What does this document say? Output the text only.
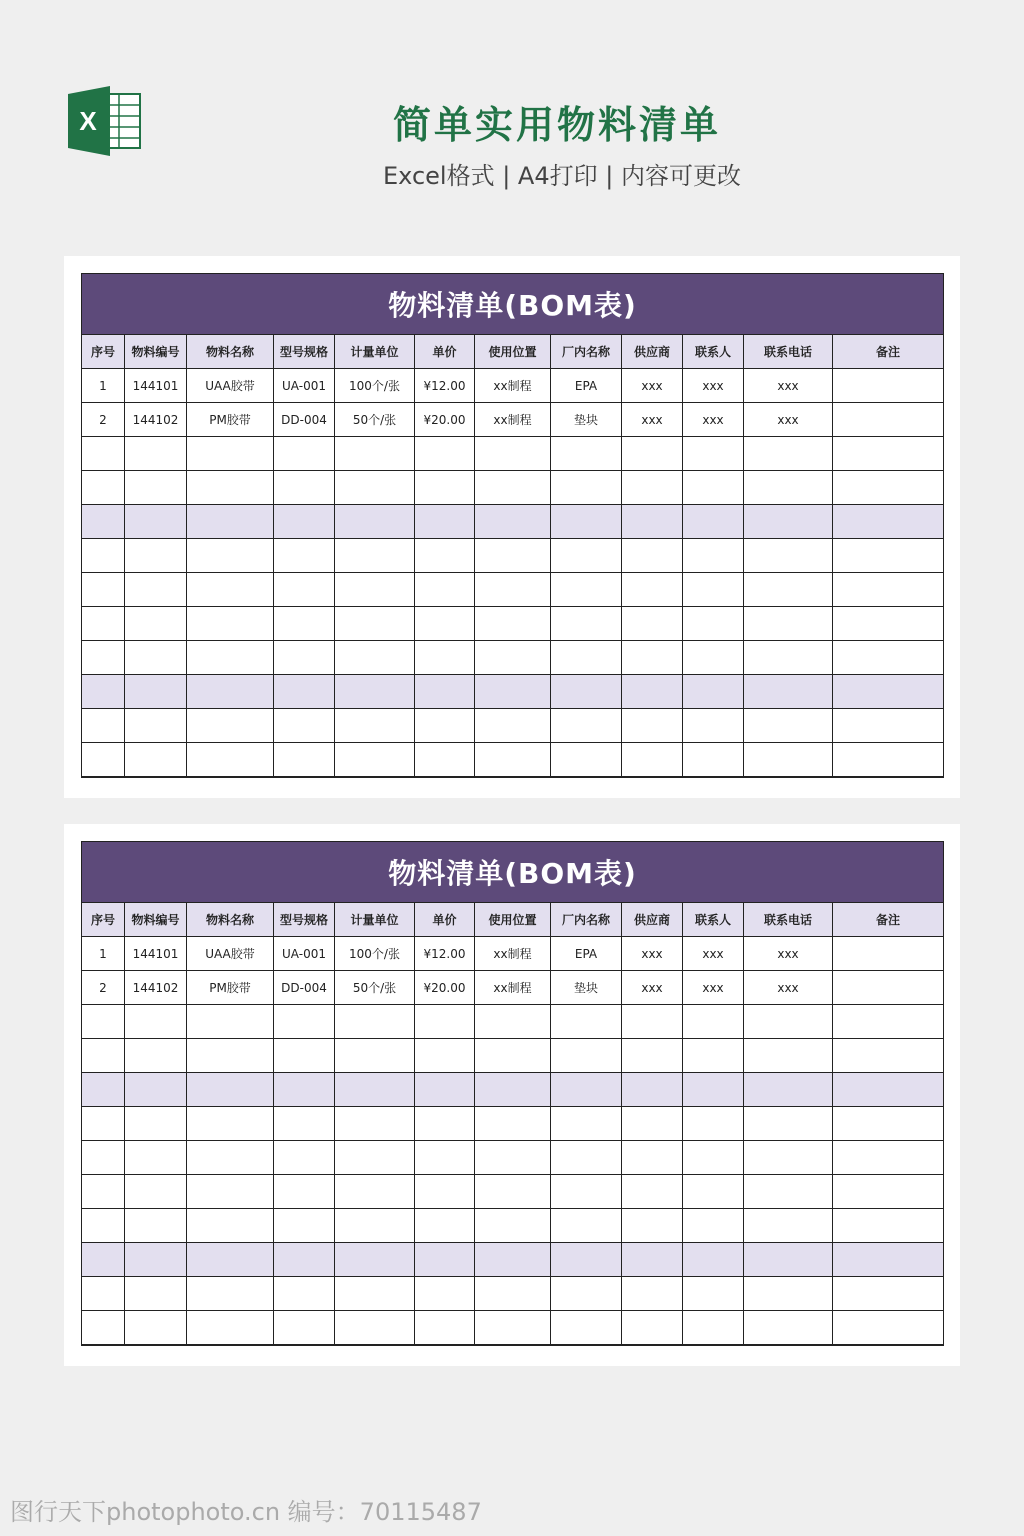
X	简单实用物料清单
Excel格式 | A4打印 | 内容可更改
物料清单(BOM表)											
序号	物料编号	物料名称	型号规格	计量单位	单价	使用位置	厂内名称	供应商	联系人	联系电话	备注
1	144101	UAA胶带	UA-001	100个/张	¥12.00	xx制程	EPA	xxx	xxx	xxx	
2	144102	PM胶带	DD-004	50个/张	¥20.00	xx制程	垫块	xxx	xxx	xxx	

物料清单(BOM表)											
序号	物料编号	物料名称	型号规格	计量单位	单价	使用位置	厂内名称	供应商	联系人	联系电话	备注
1	144101	UAA胶带	UA-001	100个/张	¥12.00	xx制程	EPA	xxx	xxx	xxx	
2	144102	PM胶带	DD-004	50个/张	¥20.00	xx制程	垫块	xxx	xxx	xxx	

图行天下photophoto.cn 编号：70115487
